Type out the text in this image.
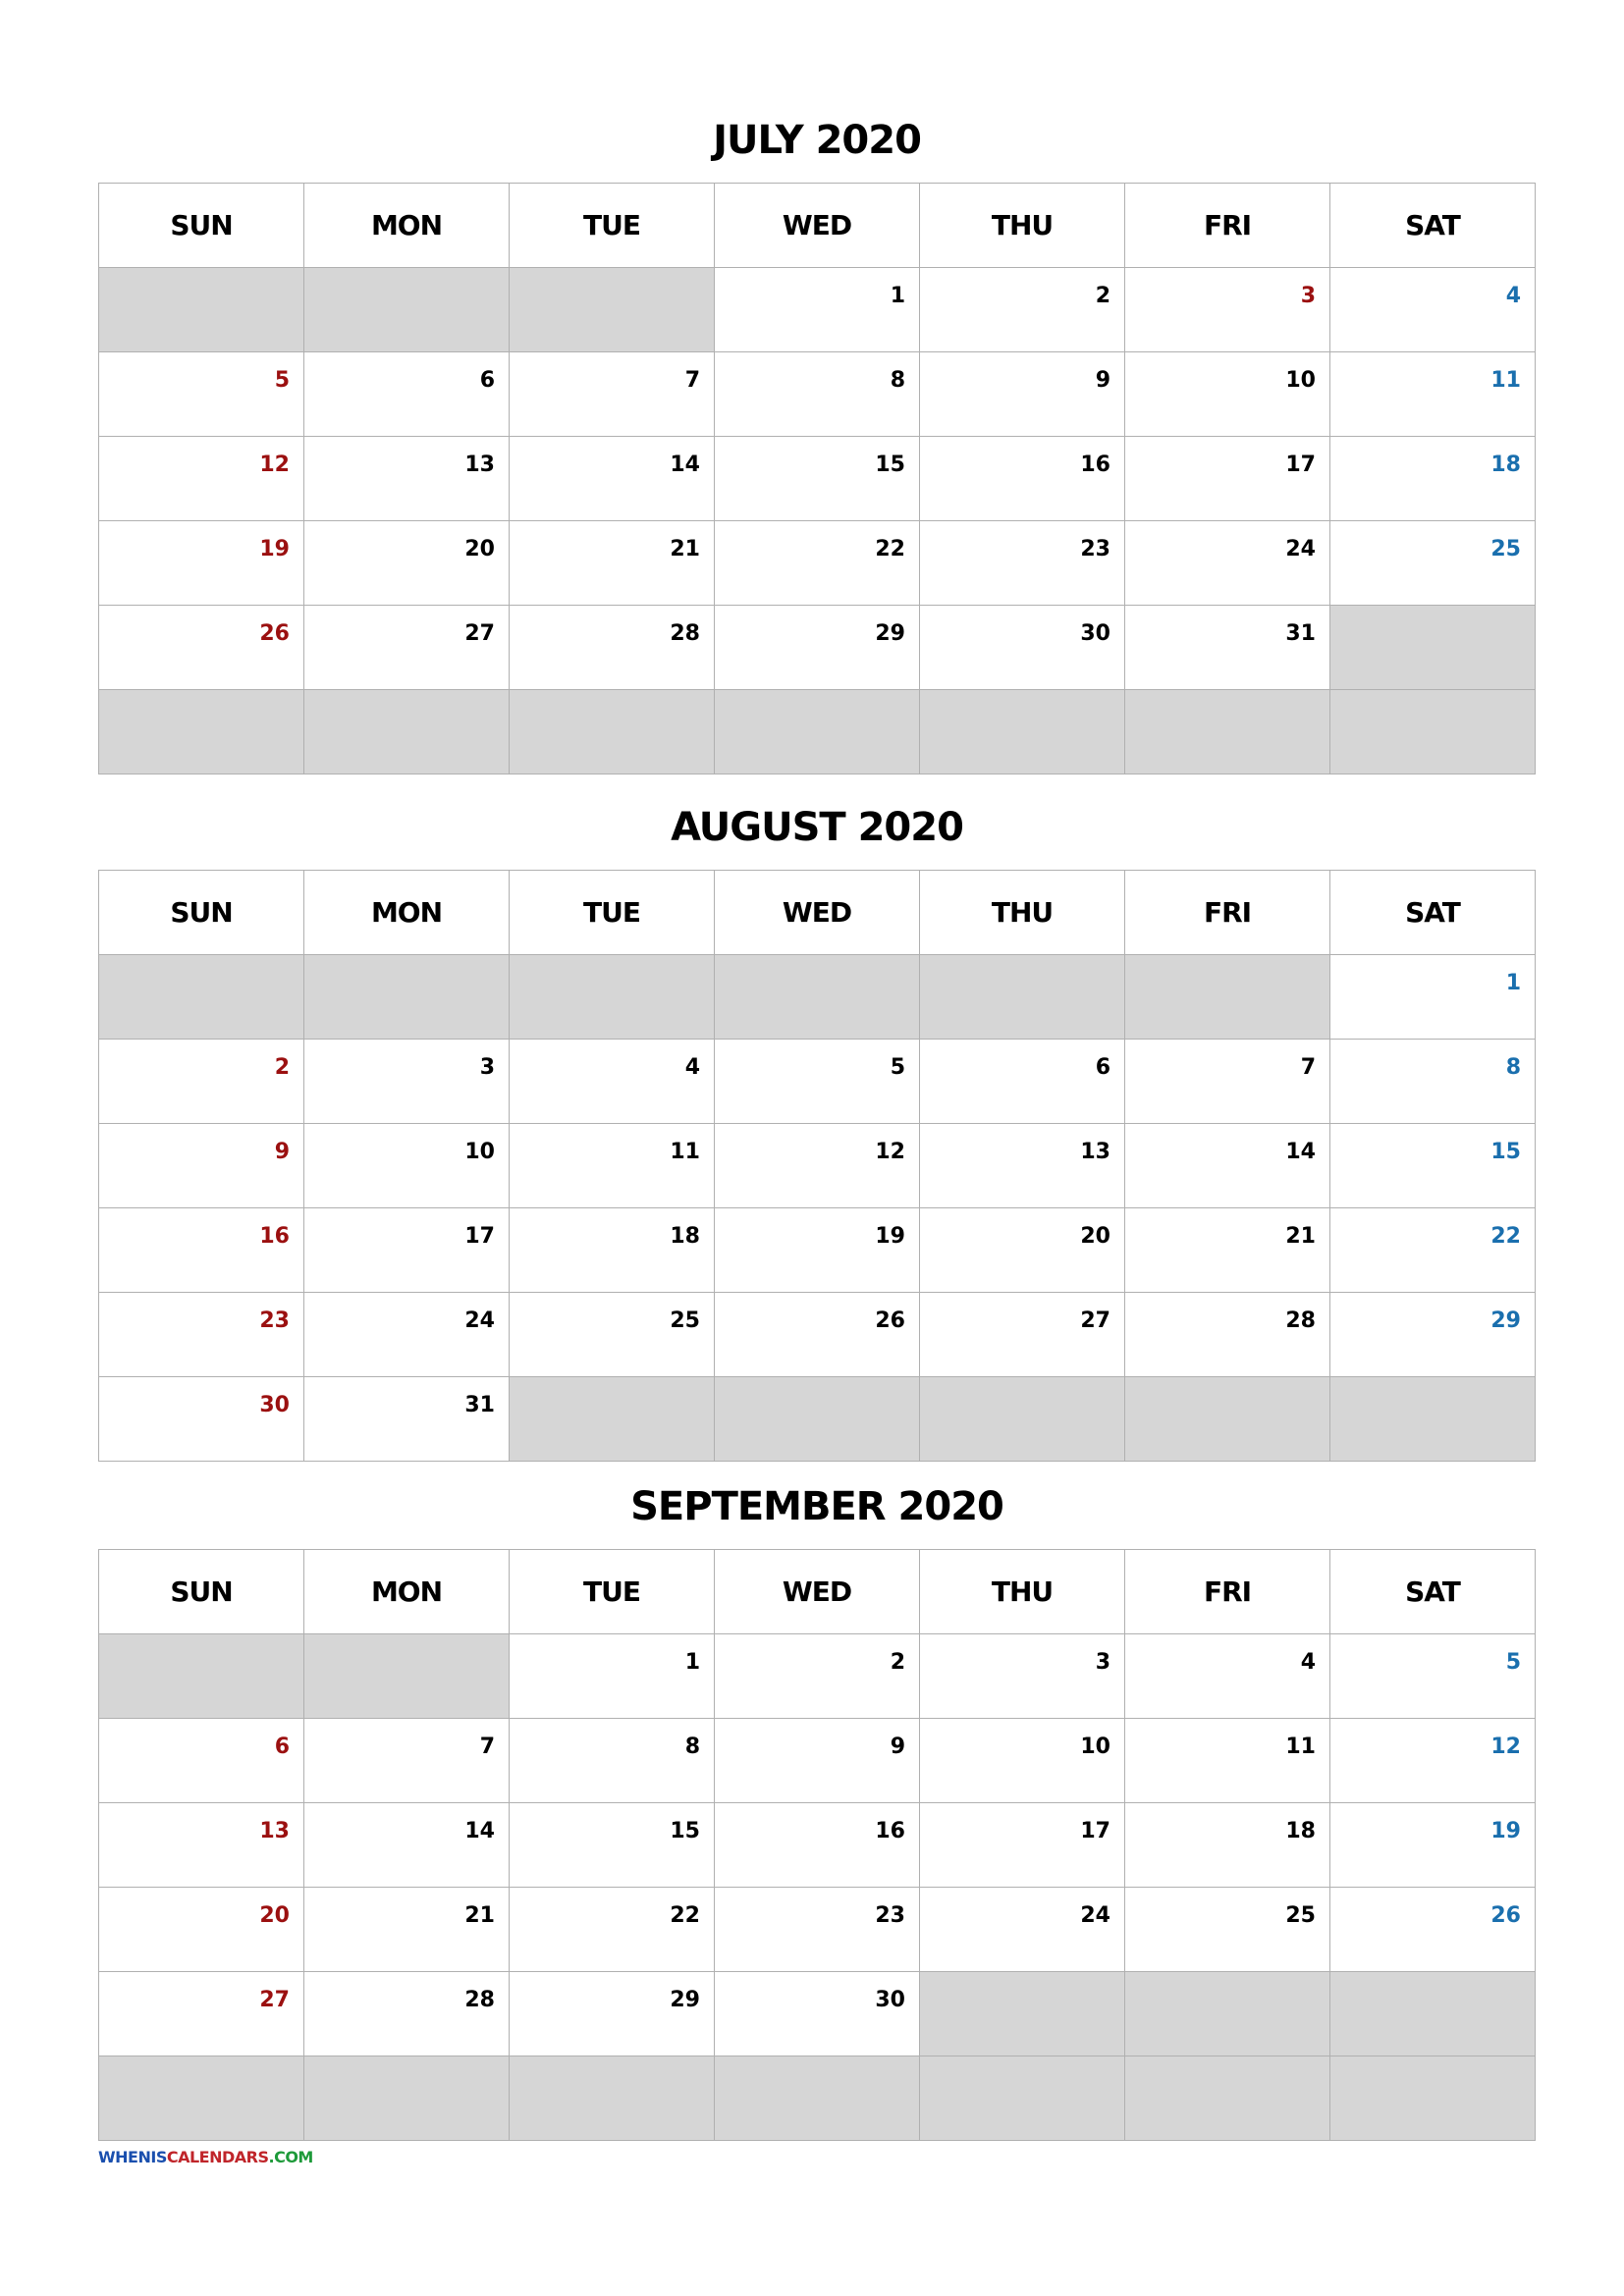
JULY 2020
SUN	MON	TUE	WED	THU	FRI	SAT

			1	2	3	4

5	6	7	8	9	10	11

12	13	14	15	16	17	18

19	20	21	22	23	24	25

26	27	28	29	30	31	

AUGUST 2020
SUN	MON	TUE	WED	THU	FRI	SAT

						1

2	3	4	5	6	7	8

9	10	11	12	13	14	15

16	17	18	19	20	21	22

23	24	25	26	27	28	29

30	31					

SEPTEMBER 2020
SUN	MON	TUE	WED	THU	FRI	SAT

		1	2	3	4	5

6	7	8	9	10	11	12

13	14	15	16	17	18	19

20	21	22	23	24	25	26

27	28	29	30			

WHENISCALENDARS.COM
